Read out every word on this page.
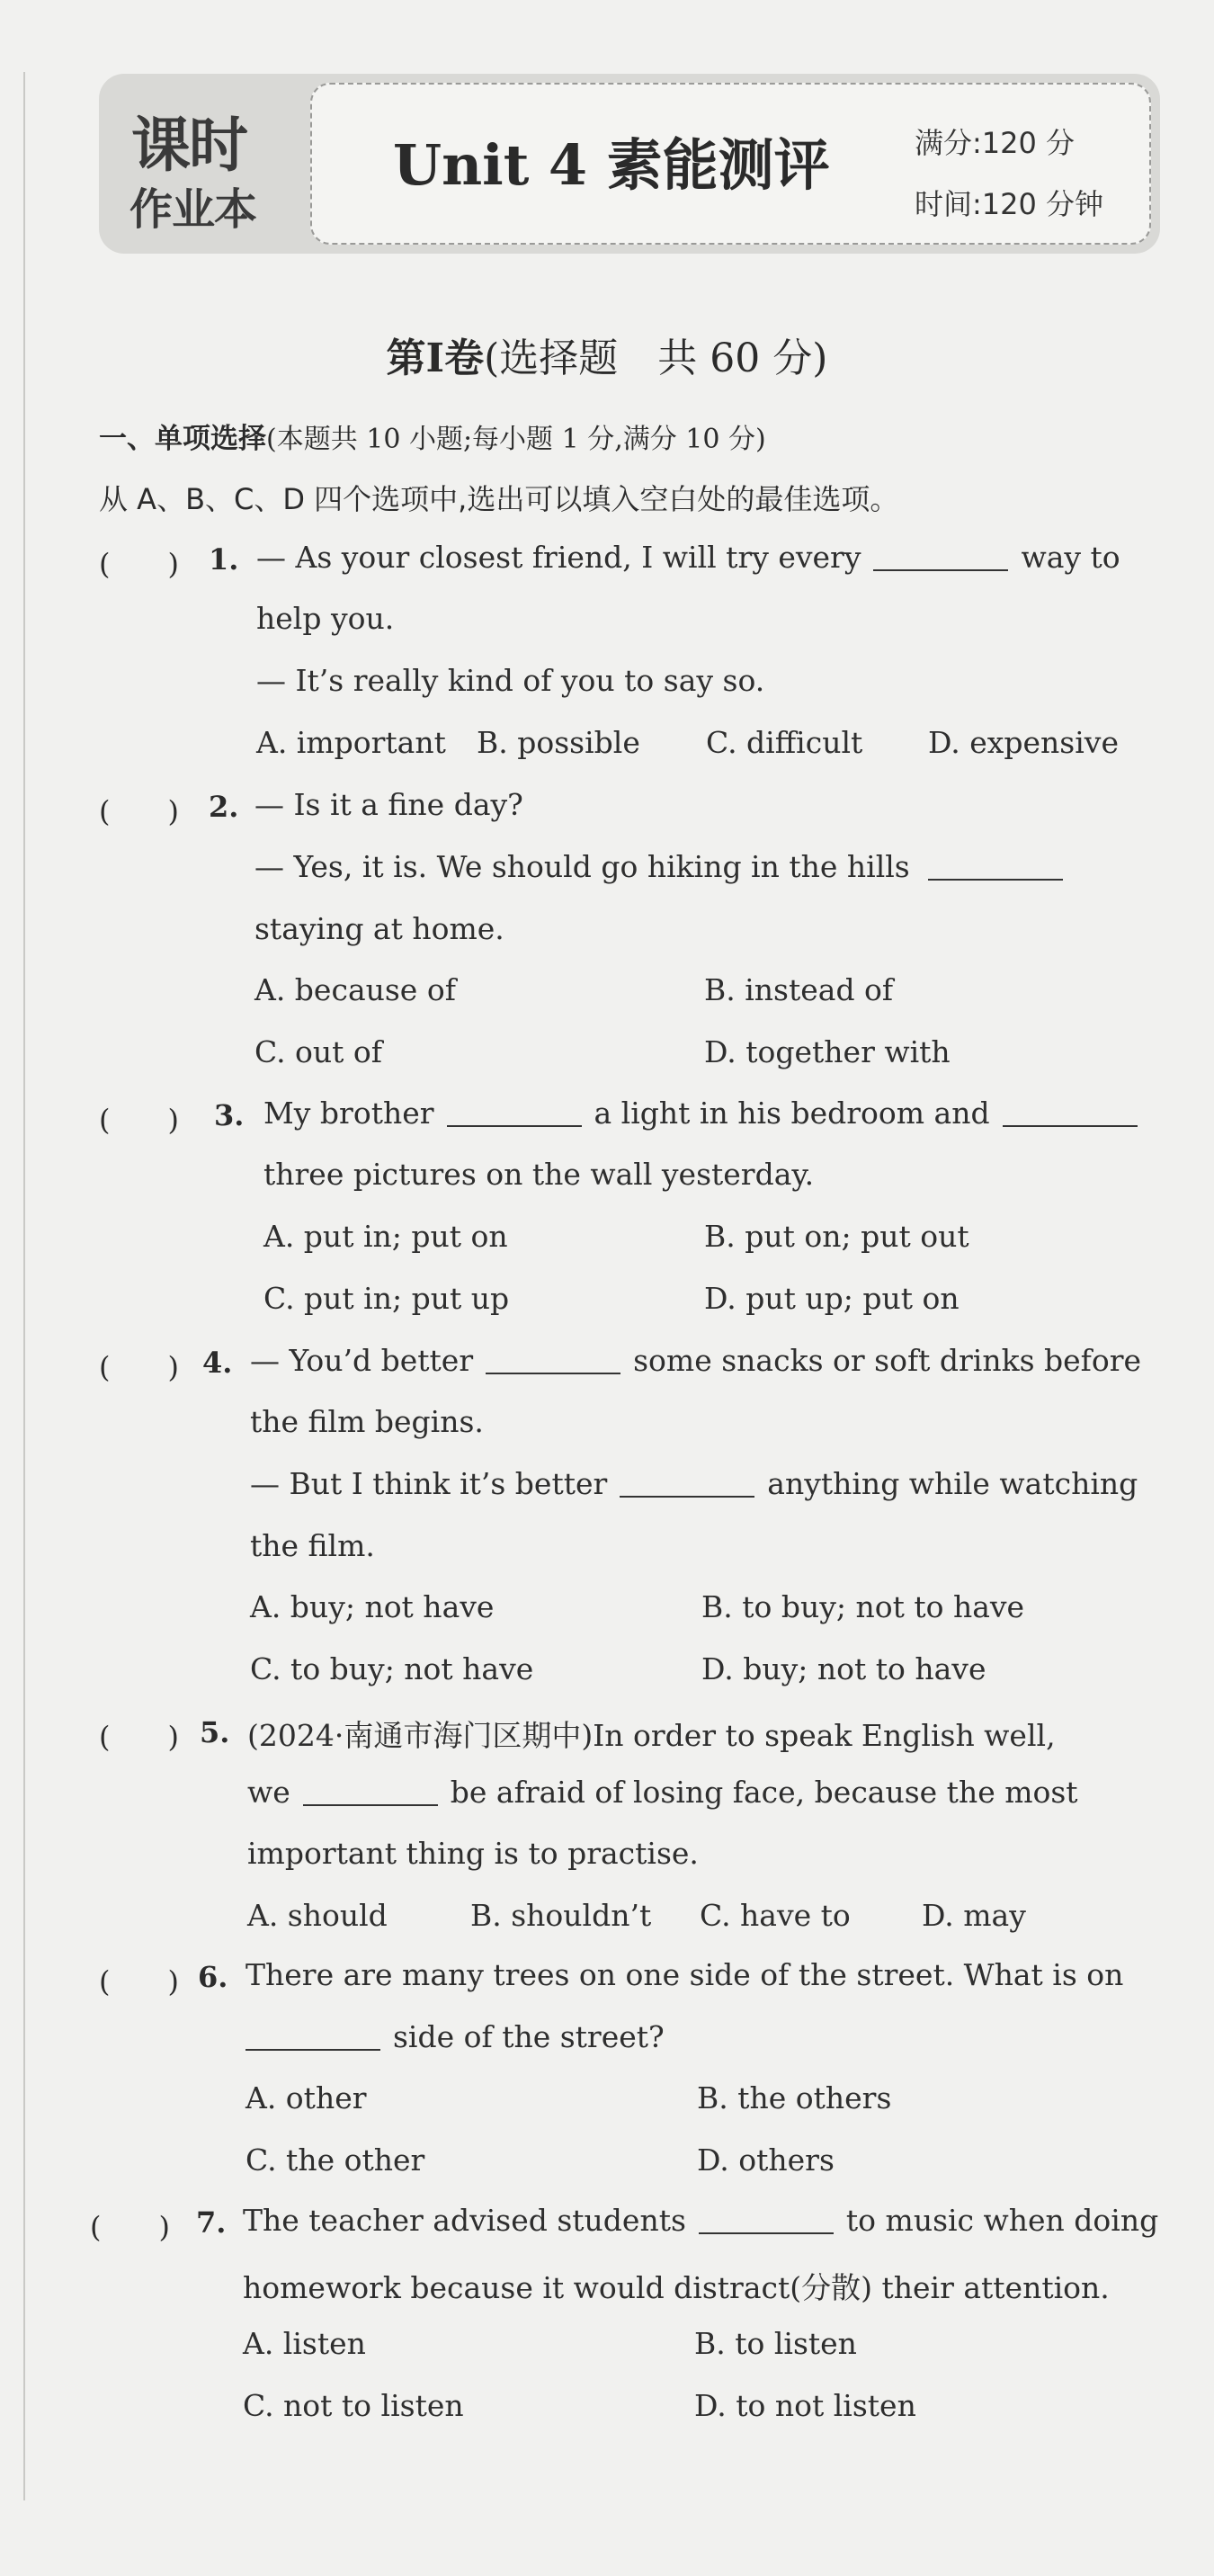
课时
作业本
Unit 4 素能测评	满分:120 分
时间:120 分钟
第Ⅰ卷(选择题　共 60 分)
一、单项选择(本题共 10 小题;每小题 1 分,满分 10 分)
从 A、B、C、D 四个选项中,选出可以填入空白处的最佳选项。
(　　) 1. — As your closest friend, I will try every	way to
help you.
— It’s really kind of you to say so.
A. important B. possible C. difficult D. expensive
(　　) 2. — Is it a fine day?
— Yes, it is. We should go hiking in the hills
staying at home.
A. because of	B. instead of
C. out of	D. together with
(　　) 3. My brother	a light in his bedroom and
three pictures on the wall yesterday.
A. put in; put on	B. put on; put out
C. put in; put up	D. put up; put on
(　　) 4. — You’d better	some snacks or soft drinks before
the film begins.
— But I think it’s better	anything while watching
the film.
A. buy; not have	B. to buy; not to have
C. to buy; not have	D. buy; not to have
(　　) 5. (2024·南通市海门区期中)In order to speak English well,
we	be afraid of losing face, because the most
important thing is to practise.
A. should	B. shouldn’t C. have to D. may
(　　) 6. There are many trees on one side of the street. What is on
side of the street?
A. other	B. the others
C. the other	D. others
(　　) 7. The teacher advised students	to music when doing
homework because it would distract(分散) their attention.
A. listen	B. to listen
C. not to listen	D. to not listen
